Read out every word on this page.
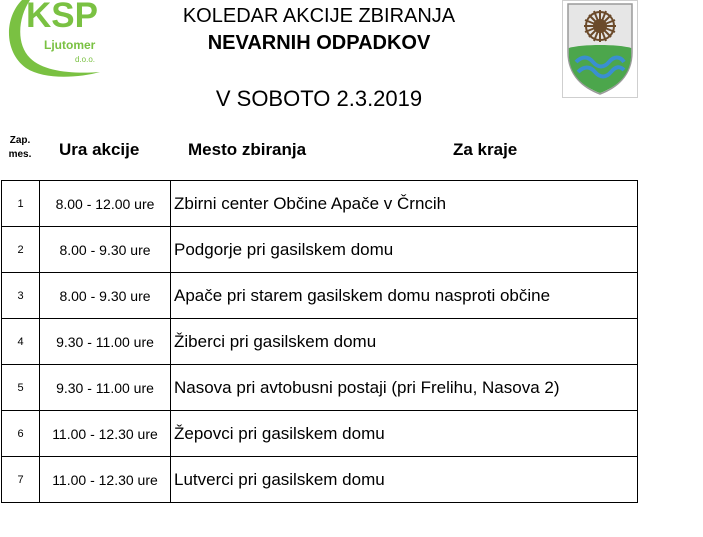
KSP
Ljutomer
d.o.o.
KOLEDAR AKCIJE ZBIRANJA
NEVARNIH ODPADKOV
V SOBOTO 2.3.2019
Zap.
mes.	Ura akcije	Mesto zbiranja	Za kraje
1	8.00 - 12.00 ure	Zbirni center Občine Apače v Črncih
2	8.00 - 9.30 ure	Podgorje pri gasilskem domu
3	8.00 - 9.30 ure	Apače pri starem gasilskem domu nasproti občine
4	9.30 - 11.00 ure	Žiberci pri gasilskem domu
5	9.30 - 11.00 ure	Nasova pri avtobusni postaji (pri Frelihu, Nasova 2)
6	11.00 - 12.30 ure	Žepovci pri gasilskem domu
7	11.00 - 12.30 ure	Lutverci pri gasilskem domu
